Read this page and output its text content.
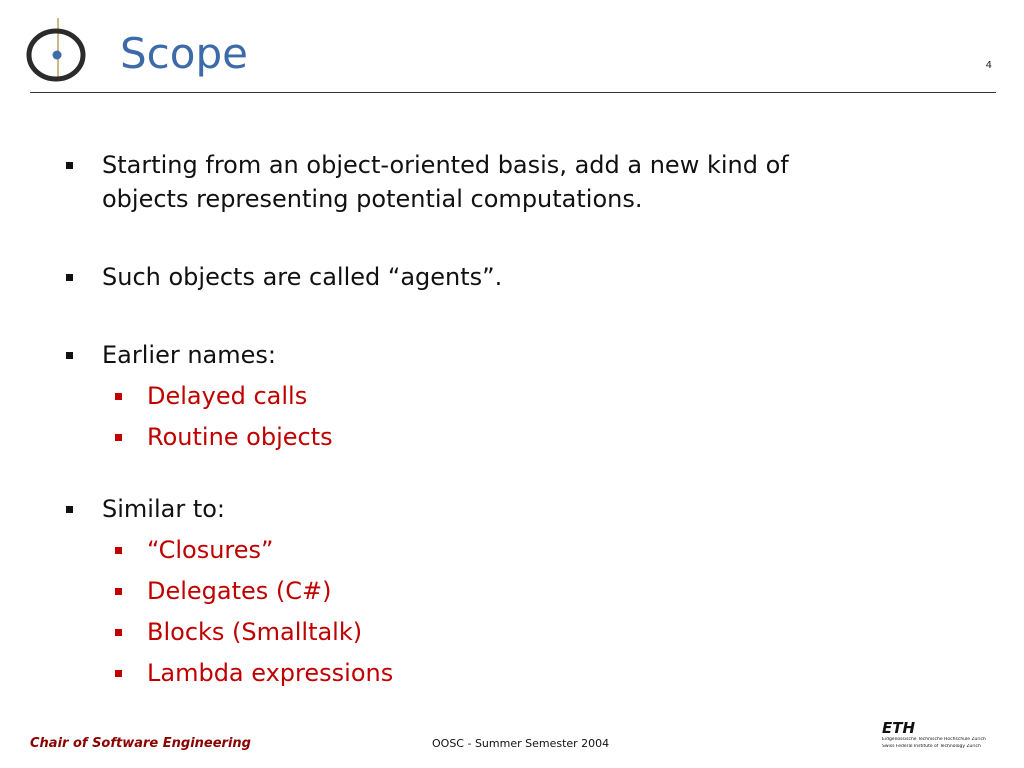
Scope	4
Starting from an object-oriented basis, add a new kind of
objects representing potential computations.
Such objects are called “agents”.
Earlier names:
Delayed calls
Routine objects
Similar to:
“Closures”
Delegates (C#)
Blocks (Smalltalk)
Lambda expressions
Chair of Software Engineering	OOSC - Summer Semester 2004
ETH
Eidgenössische Technische Hochschule Zürich
Swiss Federal Institute of Technology Zurich
